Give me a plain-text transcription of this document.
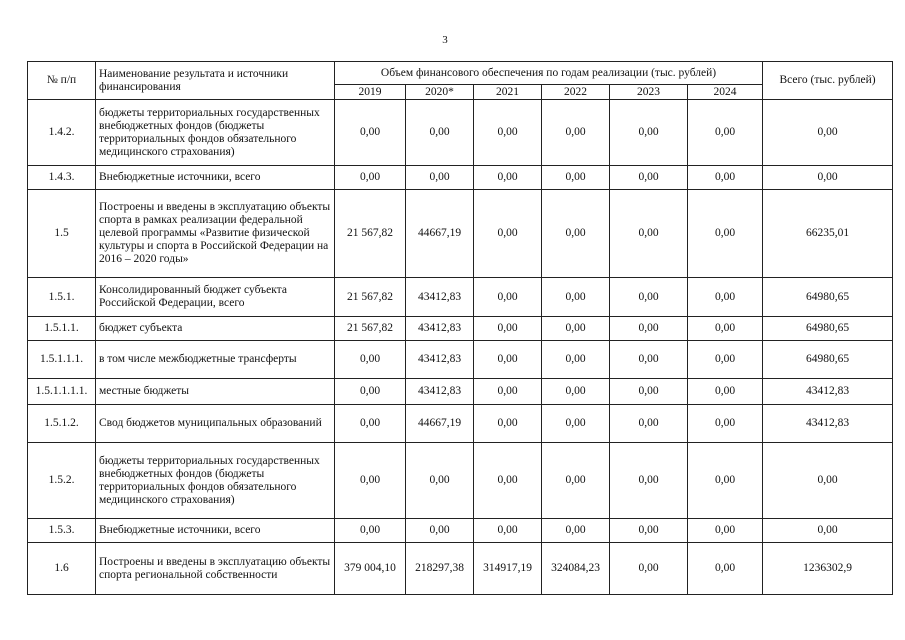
3
№ п/п	Наименование результата и источники финансирования	Объем финансового обеспечения по годам реализации (тыс. рублей)						Всего (тыс. рублей)
		2019	2020*	2021	2022	2023	2024	
1.4.2.	бюджеты территориальных государственных внебюджетных фондов (бюджеты территориальных фондов обязательного медицинского страхования)	0,00	0,00	0,00	0,00	0,00	0,00	0,00
1.4.3.	Внебюджетные источники, всего	0,00	0,00	0,00	0,00	0,00	0,00	0,00
1.5	Построены и введены в эксплуатацию объекты спорта в рамках реализации федеральной целевой программы «Развитие физической культуры и спорта в Российской Федерации на 2016 – 2020 годы»	21 567,82	44667,19	0,00	0,00	0,00	0,00	66235,01
1.5.1.	Консолидированный бюджет субъекта Российской Федерации, всего	21 567,82	43412,83	0,00	0,00	0,00	0,00	64980,65
1.5.1.1.	бюджет субъекта	21 567,82	43412,83	0,00	0,00	0,00	0,00	64980,65
1.5.1.1.1.	в том числе межбюджетные трансферты	0,00	43412,83	0,00	0,00	0,00	0,00	64980,65
1.5.1.1.1.1.	местные бюджеты	0,00	43412,83	0,00	0,00	0,00	0,00	43412,83
1.5.1.2.	Свод бюджетов муниципальных образований	0,00	44667,19	0,00	0,00	0,00	0,00	43412,83
1.5.2.	бюджеты территориальных государственных внебюджетных фондов (бюджеты территориальных фондов обязательного медицинского страхования)	0,00	0,00	0,00	0,00	0,00	0,00	0,00
1.5.3.	Внебюджетные источники, всего	0,00	0,00	0,00	0,00	0,00	0,00	0,00
1.6	Построены и введены в эксплуатацию объекты спорта региональной собственности	379 004,10	218297,38	314917,19	324084,23	0,00	0,00	1236302,9
